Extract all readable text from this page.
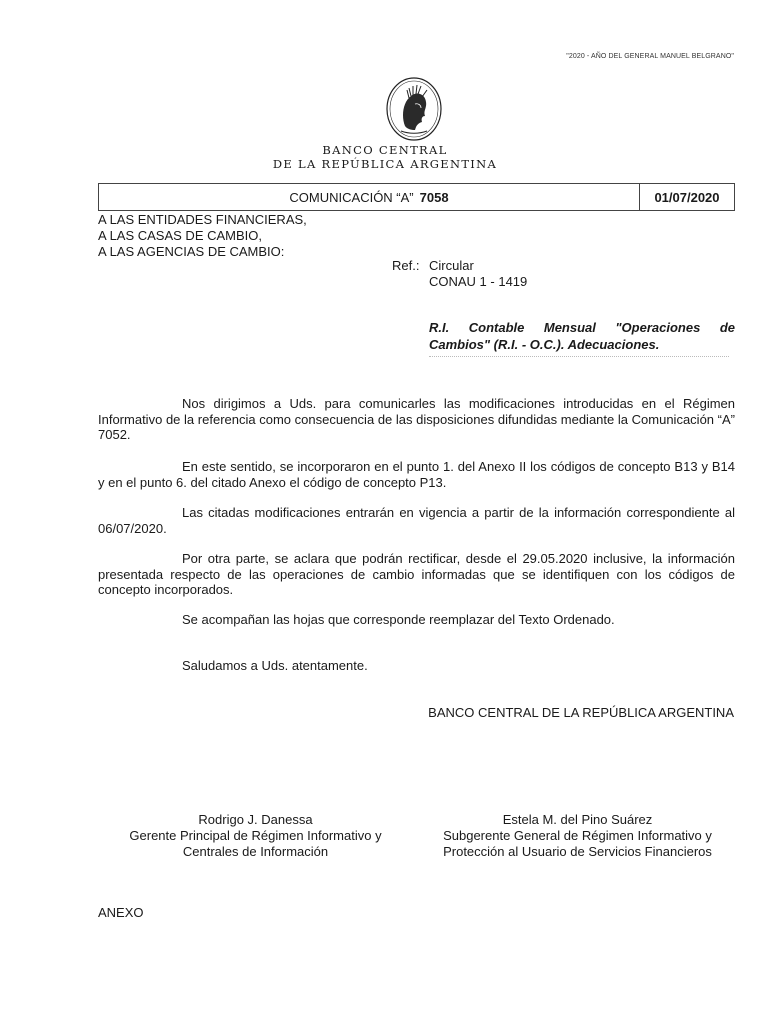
"2020 - AÑO DEL GENERAL MANUEL BELGRANO"
BANCO CENTRAL
DE LA REPÚBLICA ARGENTINA
COMUNICACIÓN “A” 7058	01/07/2020
A LAS ENTIDADES FINANCIERAS,
A LAS CASAS DE CAMBIO,
A LAS AGENCIAS DE CAMBIO:
Ref.: Circular
CONAU 1 - 1419
R.I. Contable Mensual "Operaciones de Cambios" (R.I. - O.C.). Adecuaciones.
Nos dirigimos a Uds. para comunicarles las modificaciones introducidas en el Régimen Informativo de la referencia como consecuencia de las disposiciones difundidas mediante la Comunicación “A” 7052.
En este sentido, se incorporaron en el punto 1. del Anexo II los códigos de concepto B13 y B14 y en el punto 6. del citado Anexo el código de concepto P13.
Las citadas modificaciones entrarán en vigencia a partir de la información correspondiente al 06/07/2020.
Por otra parte, se aclara que podrán rectificar, desde el 29.05.2020 inclusive, la información presentada respecto de las operaciones de cambio informadas que se identifiquen con los códigos de concepto incorporados.
Se acompañan las hojas que corresponde reemplazar del Texto Ordenado.
Saludamos a Uds. atentamente.
BANCO CENTRAL DE LA REPÚBLICA ARGENTINA
Rodrigo J. Danessa
Gerente Principal de Régimen Informativo y
Centrales de Información
Estela M. del Pino Suárez
Subgerente General de Régimen Informativo y
Protección al Usuario de Servicios Financieros
ANEXO
